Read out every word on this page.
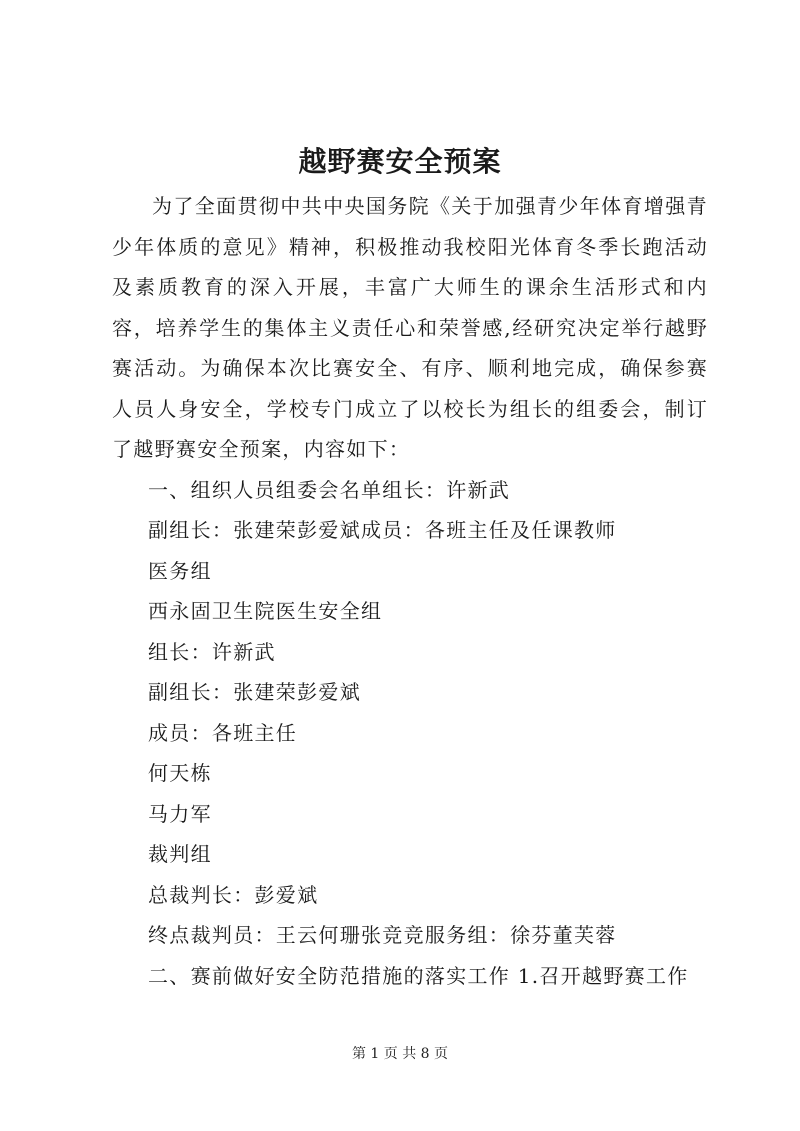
越野赛安全预案

为了全面贯彻中共中央国务院《关于加强青少年体育增强青少年体质的意见》精神，积极推动我校阳光体育冬季长跑活动及素质教育的深入开展，丰富广大师生的课余生活形式和内容，培养学生的集体主义责任心和荣誉感,经研究决定举行越野赛活动。为确保本次比赛安全、有序、顺利地完成，确保参赛人员人身安全，学校专门成立了以校长为组长的组委会，制订了越野赛安全预案，内容如下：

一、组织人员组委会名单组长：许新武

副组长：张建荣彭爱斌成员：各班主任及任课教师

医务组

西永固卫生院医生安全组

组长：许新武

副组长：张建荣彭爱斌

成员：各班主任

何天栋

马力军

裁判组

总裁判长：彭爱斌

终点裁判员：王云何珊张竞竞服务组：徐芬董芙蓉

二、赛前做好安全防范措施的落实工作 1.召开越野赛工作

第 1 页 共 8 页
